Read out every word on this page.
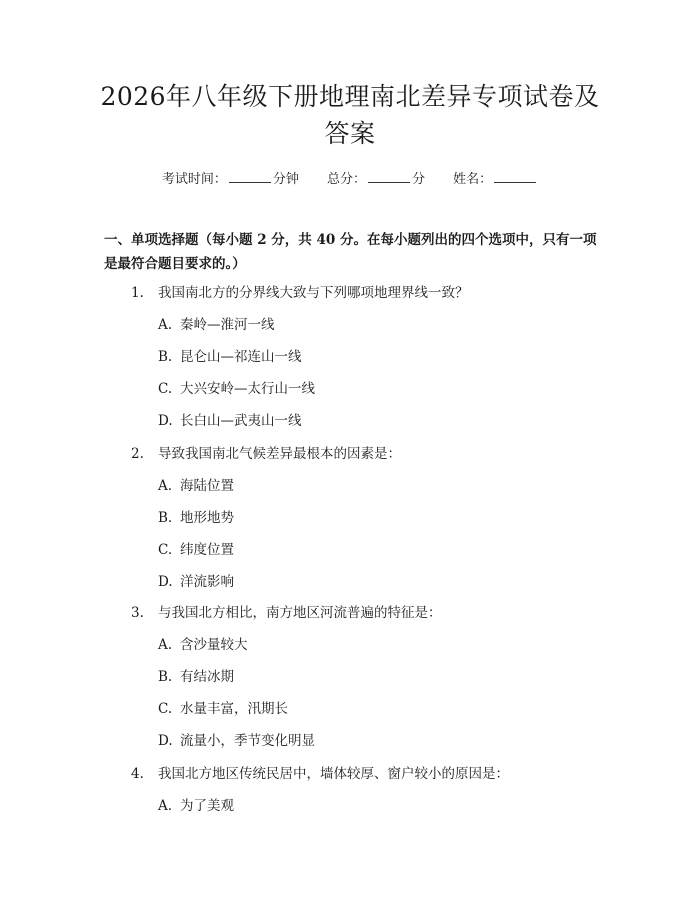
2026年八年级下册地理南北差异专项试卷及
答案
考试时间：	分钟 总分：	分 姓名：
一、单项选择题（每小题 2 分，共 40 分。在每小题列出的四个选项中，只有一项
是最符合题目要求的。）
1. 我国南北方的分界线大致与下列哪项地理界线一致？
A. 秦岭—淮河一线
B. 昆仑山—祁连山一线
C. 大兴安岭—太行山一线
D. 长白山—武夷山一线
2. 导致我国南北气候差异最根本的因素是：
A. 海陆位置
B. 地形地势
C. 纬度位置
D. 洋流影响
3. 与我国北方相比，南方地区河流普遍的特征是：
A. 含沙量较大
B. 有结冰期
C. 水量丰富，汛期长
D. 流量小，季节变化明显
4. 我国北方地区传统民居中，墙体较厚、窗户较小的原因是：
A. 为了美观
